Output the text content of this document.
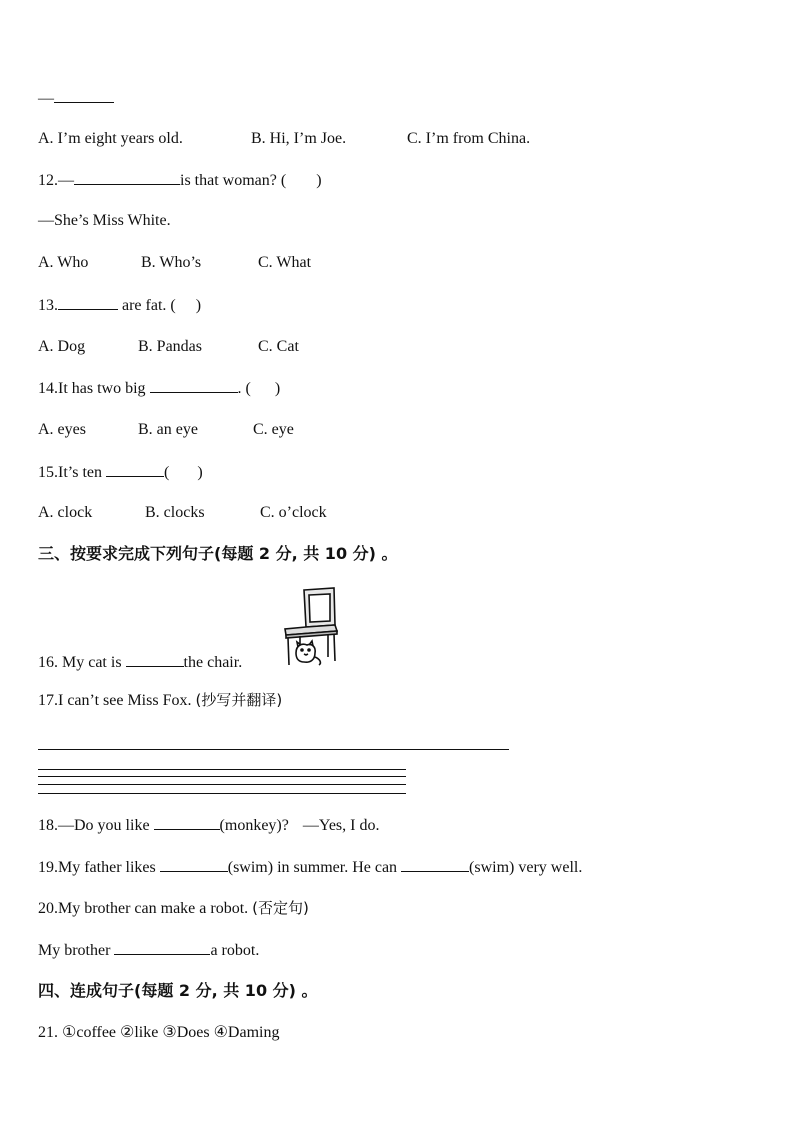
—
A. I’m eight years old.	B. Hi, I’m Joe.	C. I’m from China.
12.—	is that woman? ( )
—She’s Miss White.
A. Who	B. Who’s	C. What
13.	are fat. ( )
A. Dog	B. Pandas	C. Cat
14.It has two big	. ( )
A. eyes	B. an eye	C. eye
15.It’s ten	( )
A. clock	B. clocks	C. o’clock
三、按要求完成下列句子(每题 2 分, 共 10 分) 。
16. My cat is	the chair.
17.I can’t see Miss Fox. (抄写并翻译)
18.—Do you like	(monkey)? —Yes, I do.
19.My father likes	(swim) in summer. He can	(swim) very well.
20.My brother can make a robot. (否定句)
My brother	a robot.
四、连成句子(每题 2 分, 共 10 分) 。
21. ①coffee ②like ③Does ④Daming
